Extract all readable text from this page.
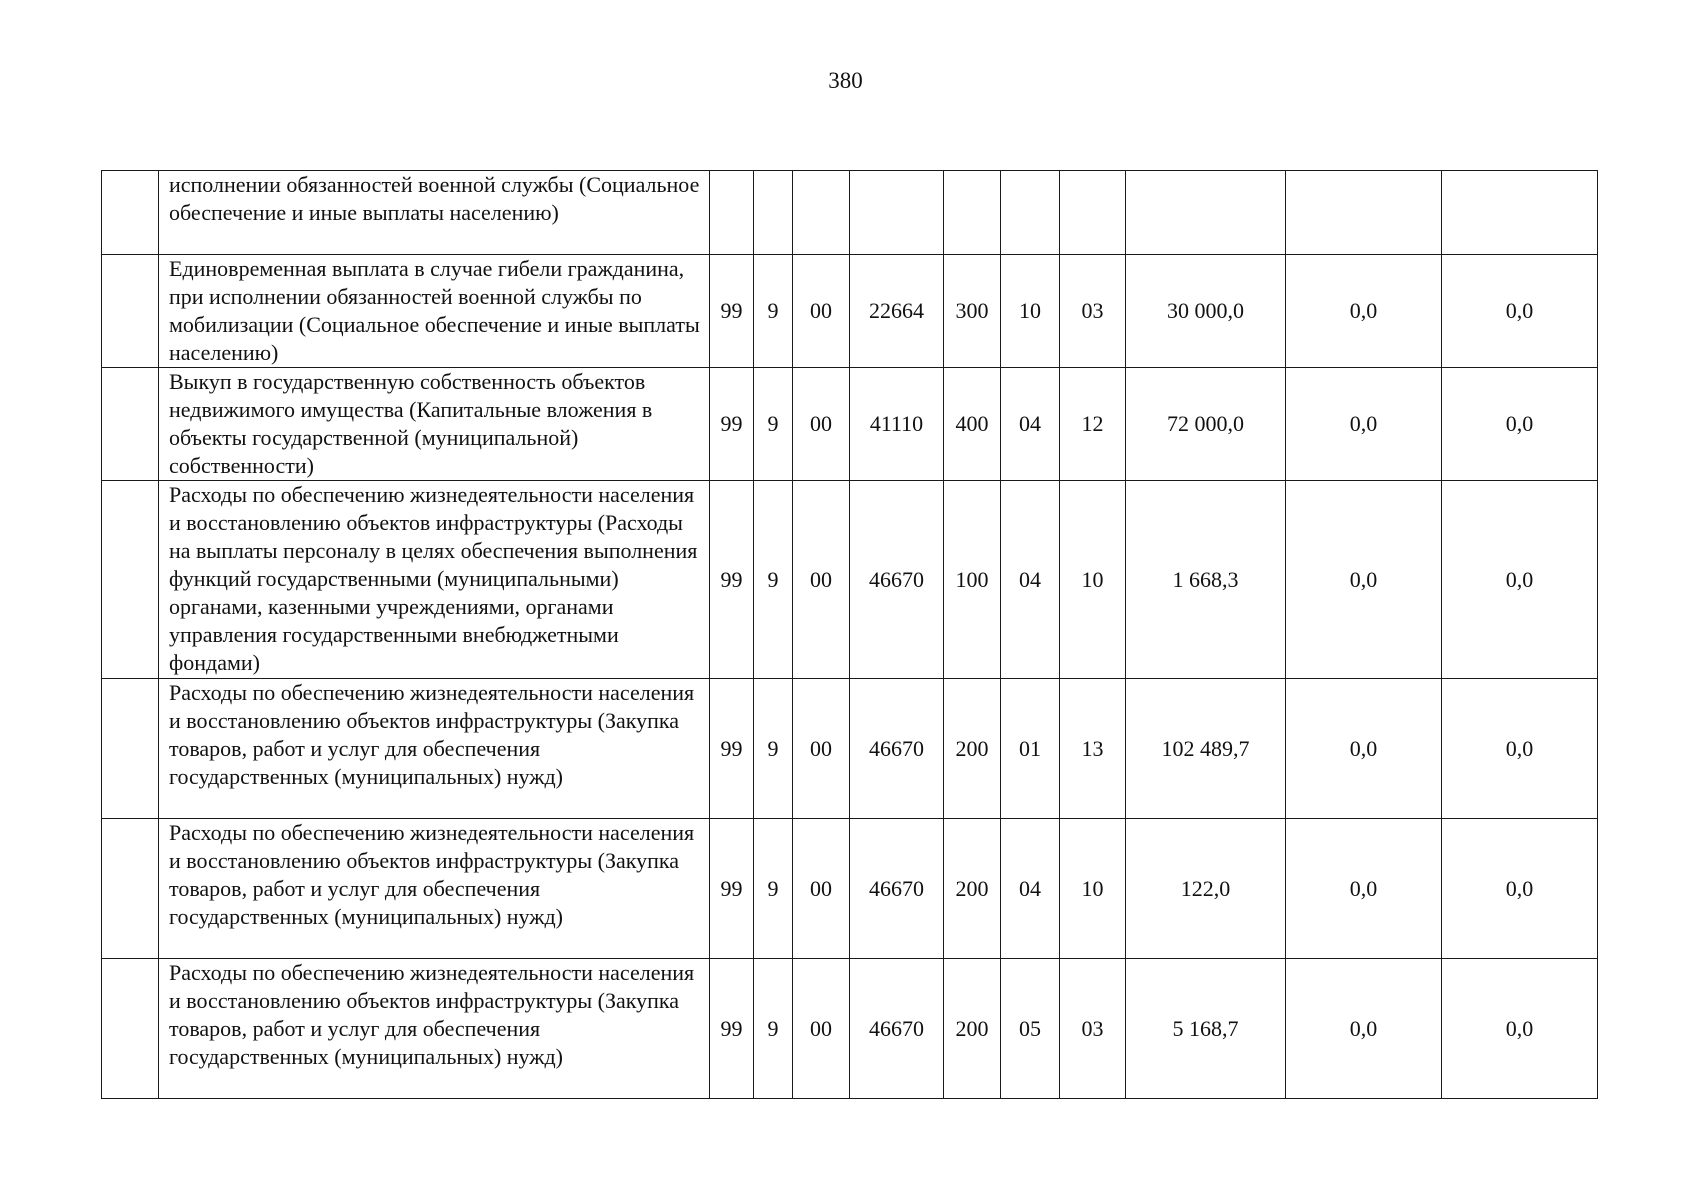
380
	исполнении обязанностей военной службы (Социальное обеспечение и иные выплаты населению)										
	Единовременная выплата в случае гибели гражданина, при исполнении обязанностей военной службы по мобилизации (Социальное обеспечение и иные выплаты населению)	99	9	00	22664	300	10	03	30 000,0	0,0	0,0
	Выкуп в государственную собственность объектов недвижимого имущества (Капитальные вложения в объекты государственной (муниципальной) собственности)	99	9	00	41110	400	04	12	72 000,0	0,0	0,0
	Расходы по обеспечению жизнедеятельности населения и восстановлению объектов инфраструктуры (Расходы на выплаты персоналу в целях обеспечения выполнения функций государственными (муниципальными) органами, казенными учреждениями, органами управления государственными внебюджетными фондами)	99	9	00	46670	100	04	10	1 668,3	0,0	0,0
	Расходы по обеспечению жизнедеятельности населения и восстановлению объектов инфраструктуры (Закупка товаров, работ и услуг для обеспечения государственных (муниципальных) нужд)	99	9	00	46670	200	01	13	102 489,7	0,0	0,0
	Расходы по обеспечению жизнедеятельности населения и восстановлению объектов инфраструктуры (Закупка товаров, работ и услуг для обеспечения государственных (муниципальных) нужд)	99	9	00	46670	200	04	10	122,0	0,0	0,0
	Расходы по обеспечению жизнедеятельности населения и восстановлению объектов инфраструктуры (Закупка товаров, работ и услуг для обеспечения государственных (муниципальных) нужд)	99	9	00	46670	200	05	03	5 168,7	0,0	0,0
